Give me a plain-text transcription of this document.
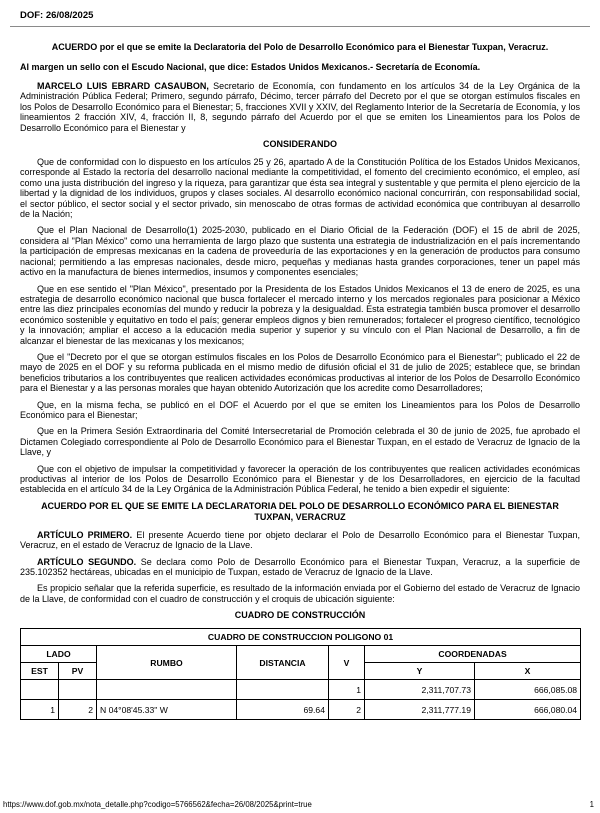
DOF: 26/08/2025

ACUERDO por el que se emite la Declaratoria del Polo de Desarrollo Económico para el Bienestar Tuxpan, Veracruz.

Al margen un sello con el Escudo Nacional, que dice: Estados Unidos Mexicanos.- Secretaría de Economía.

MARCELO LUIS EBRARD CASAUBON, Secretario de Economía, con fundamento en los artículos 34 de la Ley Orgánica de la Administración Pública Federal; Primero, segundo párrafo, Décimo, tercer párrafo del Decreto por el que se otorgan estímulos fiscales en los Polos de Desarrollo Económico para el Bienestar; 5, fracciones XVII y XXIV, del Reglamento Interior de la Secretaría de Economía, y los lineamientos 2 fracción XIV, 4, fracción II, 8, segundo párrafo del Acuerdo por el que se emiten los Lineamientos para los Polos de Desarrollo Económico para el Bienestar y

CONSIDERANDO

Que de conformidad con lo dispuesto en los artículos 25 y 26, apartado A de la Constitución Política de los Estados Unidos Mexicanos, corresponde al Estado la rectoría del desarrollo nacional mediante la competitividad, el fomento del crecimiento económico, el empleo, así como una justa distribución del ingreso y la riqueza, para garantizar que ésta sea integral y sustentable y que permita el pleno ejercicio de la libertad y la dignidad de los individuos, grupos y clases sociales. Al desarrollo económico nacional concurrirán, con responsabilidad social, el sector público, el sector social y el sector privado, sin menoscabo de otras formas de actividad económica que contribuyan al desarrollo de la Nación;

Que el Plan Nacional de Desarrollo(1) 2025-2030, publicado en el Diario Oficial de la Federación (DOF) el 15 de abril de 2025, considera al "Plan México" como una herramienta de largo plazo que sustenta una estrategia de industrialización en el país incrementando la participación de empresas mexicanas en la cadena de proveeduría de las exportaciones y en la generación de productos para consumo nacional; permitiendo a las empresas nacionales, desde micro, pequeñas y medianas hasta grandes corporaciones, tener un papel más activo en la manufactura de bienes intermedios, insumos y componentes esenciales;

Que en ese sentido el "Plan México", presentado por la Presidenta de los Estados Unidos Mexicanos el 13 de enero de 2025, es una estrategia de desarrollo económico nacional que busca fortalecer el mercado interno y los mercados regionales para posicionar a México entre las diez principales economías del mundo y reducir la pobreza y la desigualdad. Esta estrategia también busca promover el desarrollo económico sostenible y equitativo en todo el país; generar empleos dignos y bien remunerados; fortalecer el progreso científico, tecnológico y la innovación; ampliar el acceso a la educación media superior y superior y su vínculo con el Plan Nacional de Desarrollo, a fin de alcanzar el bienestar de las mexicanas y los mexicanos;

Que el "Decreto por el que se otorgan estímulos fiscales en los Polos de Desarrollo Económico para el Bienestar"; publicado el 22 de mayo de 2025 en el DOF y su reforma publicada en el mismo medio de difusión oficial el 31 de julio de 2025; establece que, se brindan beneficios tributarios a los contribuyentes que realicen actividades económicas productivas al interior de los Polos de Desarrollo Económico para el Bienestar y a las personas morales que hayan obtenido Autorización que los acredite como Desarrolladores;

Que, en la misma fecha, se publicó en el DOF el Acuerdo por el que se emiten los Lineamientos para los Polos de Desarrollo Económico para el Bienestar;

Que en la Primera Sesión Extraordinaria del Comité Intersecretarial de Promoción celebrada el 30 de junio de 2025, fue aprobado el Dictamen Colegiado correspondiente al Polo de Desarrollo Económico para el Bienestar Tuxpan, en el estado de Veracruz de Ignacio de la Llave, y

Que con el objetivo de impulsar la competitividad y favorecer la operación de los contribuyentes que realicen actividades económicas productivas al interior de los Polos de Desarrollo Económico para el Bienestar y de los Desarrolladores, en ejercicio de la facultad establecida en el artículo 34 de la Ley Orgánica de la Administración Pública Federal, he tenido a bien expedir el siguiente:

ACUERDO POR EL QUE SE EMITE LA DECLARATORIA DEL POLO DE DESARROLLO ECONÓMICO PARA EL BIENESTAR TUXPAN, VERACRUZ

ARTÍCULO PRIMERO. El presente Acuerdo tiene por objeto declarar el Polo de Desarrollo Económico para el Bienestar Tuxpan, Veracruz, en el estado de Veracruz de Ignacio de la Llave.

ARTÍCULO SEGUNDO. Se declara como Polo de Desarrollo Económico para el Bienestar Tuxpan, Veracruz, a la superficie de 235.102352 hectáreas, ubicadas en el municipio de Tuxpan, estado de Veracruz de Ignacio de la Llave.

Es propicio señalar que la referida superficie, es resultado de la información enviada por el Gobierno del estado de Veracruz de Ignacio de la Llave, de conformidad con el cuadro de construcción y el croquis de ubicación siguiente:

CUADRO DE CONSTRUCCIÓN

CUADRO DE CONSTRUCCION POLIGONO 01						
LADO		RUMBO	DISTANCIA	V	COORDENADAS	
EST	PV				Y	X
				1	2,311,707.73	666,085.08
1	2	N 04°08'45.33" W	69.64	2	2,311,777.19	666,080.04
https://www.dof.gob.mx/nota_detalle.php?codigo=5766562&fecha=26/08/2025&print=true	1
